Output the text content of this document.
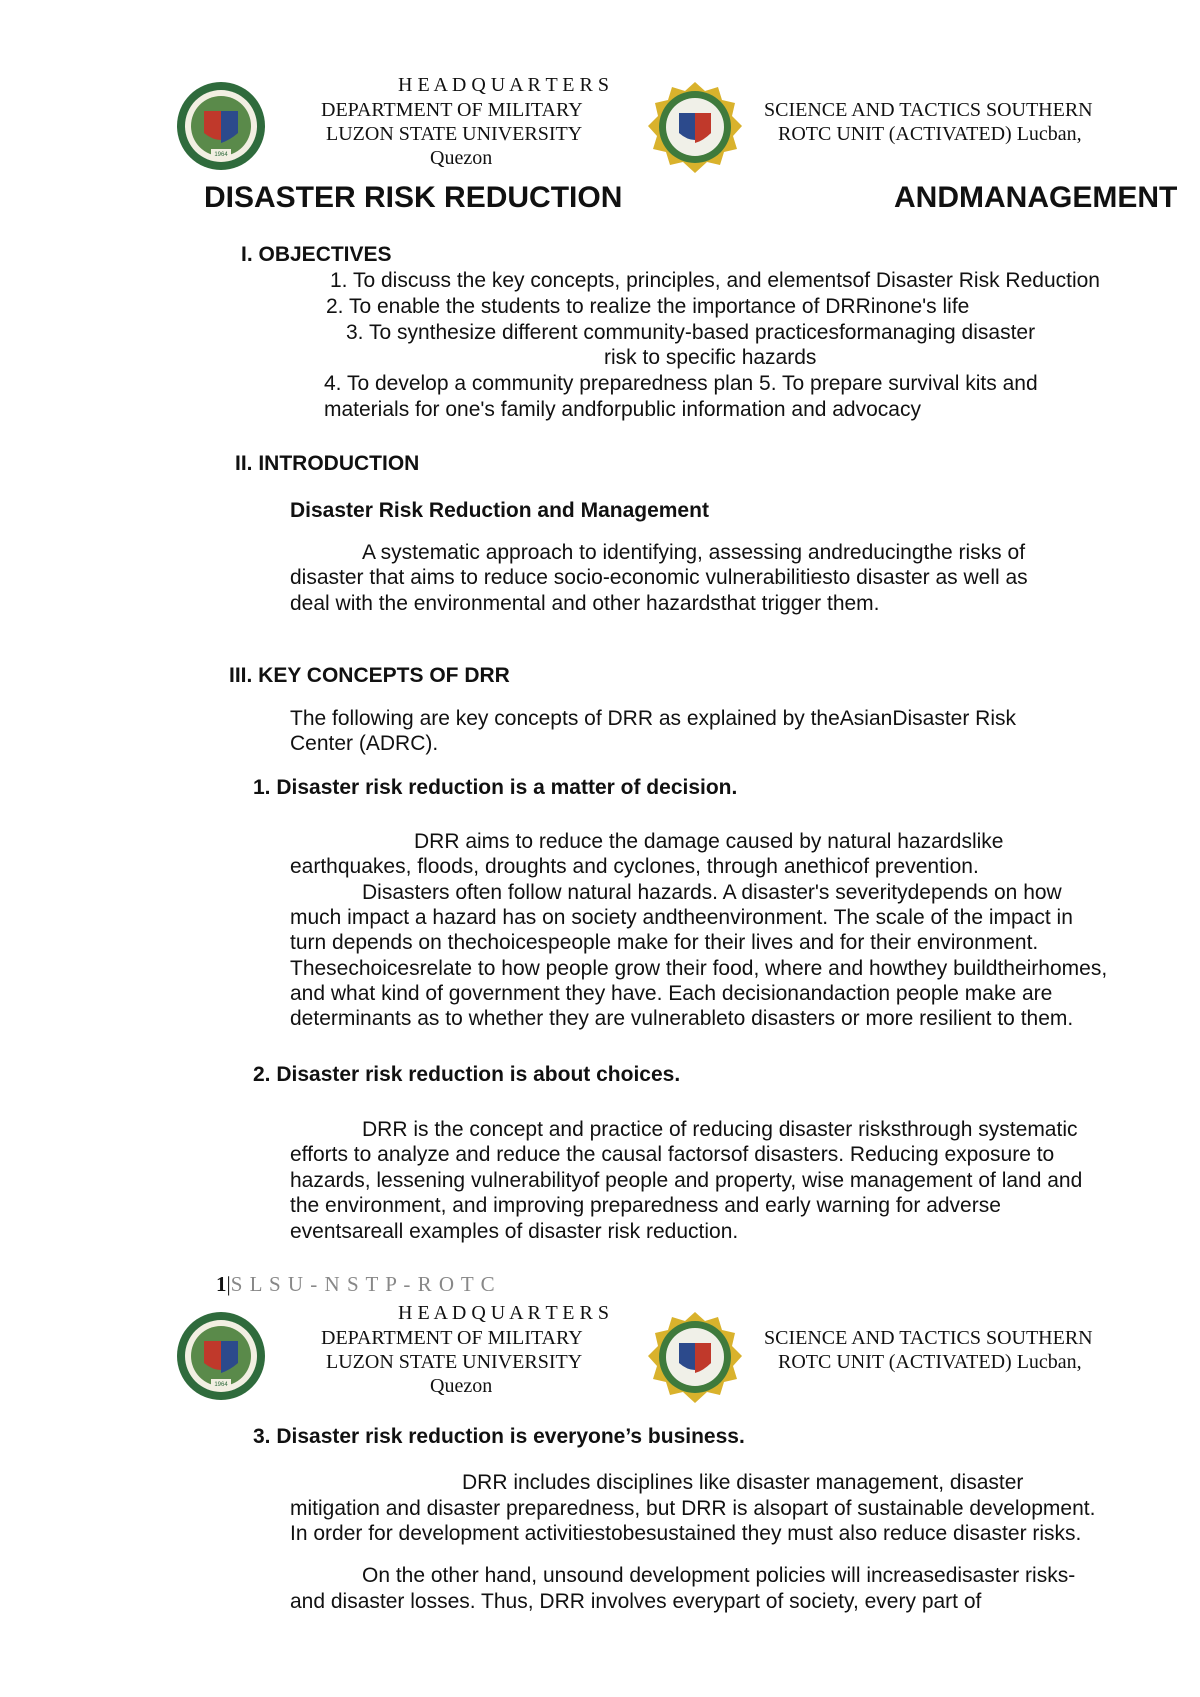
1964
H E A D Q U A R T E R S
DEPARTMENT OF MILITARY
LUZON STATE UNIVERSITY
Quezon
SCIENCE AND TACTICS SOUTHERN
ROTC UNIT (ACTIVATED) Lucban,
DISASTER RISK REDUCTION	ANDMANAGEMENT
I. OBJECTIVES
1. To discuss the key concepts, principles, and elementsof Disaster Risk Reduction
2. To enable the students to realize the importance of DRRinone's life
3. To synthesize different community-based practicesformanaging disaster
risk to specific hazards
4. To develop a community preparedness plan 5. To prepare survival kits and
materials for one's family andforpublic information and advocacy
II. INTRODUCTION
Disaster Risk Reduction and Management
A systematic approach to identifying, assessing andreducingthe risks of
disaster that aims to reduce socio-economic vulnerabilitiesto disaster as well as
deal with the environmental and other hazardsthat trigger them.
III. KEY CONCEPTS OF DRR
The following are key concepts of DRR as explained by theAsianDisaster Risk
Center (ADRC).
1. Disaster risk reduction is a matter of decision.
DRR aims to reduce the damage caused by natural hazardslike
earthquakes, floods, droughts and cyclones, through anethicof prevention.
Disasters often follow natural hazards. A disaster's severitydepends on how
much impact a hazard has on society andtheenvironment. The scale of the impact in
turn depends on thechoicespeople make for their lives and for their environment.
Thesechoicesrelate to how people grow their food, where and howthey buildtheirhomes,
and what kind of government they have. Each decisionandaction people make are
determinants as to whether they are vulnerableto disasters or more resilient to them.
2. Disaster risk reduction is about choices.
DRR is the concept and practice of reducing disaster risksthrough systematic
efforts to analyze and reduce the causal factorsof disasters. Reducing exposure to
hazards, lessening vulnerabilityof people and property, wise management of land and
the environment, and improving preparedness and early warning for adverse
eventsareall examples of disaster risk reduction.
1|S L S U - N S T P - R O T C
1964
H E A D Q U A R T E R S
DEPARTMENT OF MILITARY
LUZON STATE UNIVERSITY
Quezon
SCIENCE AND TACTICS SOUTHERN
ROTC UNIT (ACTIVATED) Lucban,
3. Disaster risk reduction is everyone’s business.
DRR includes disciplines like disaster management, disaster
mitigation and disaster preparedness, but DRR is alsopart of sustainable development.
In order for development activitiestobesustained they must also reduce disaster risks.
On the other hand, unsound development policies will increasedisaster risks-
and disaster losses. Thus, DRR involves everypart of society, every part of
